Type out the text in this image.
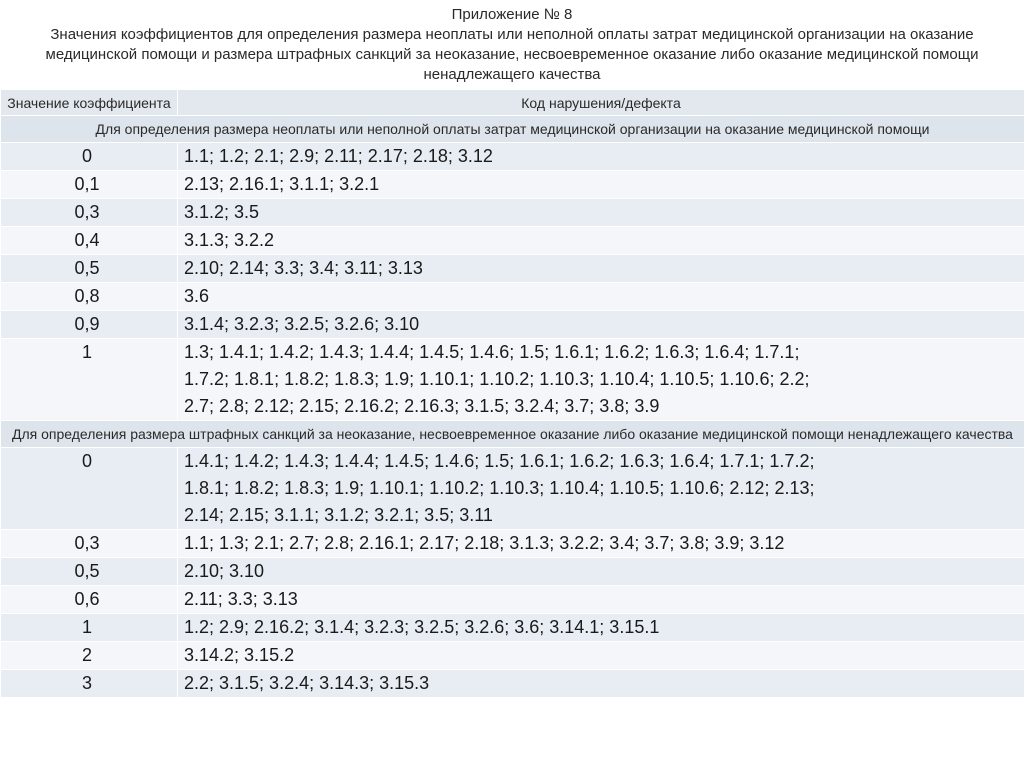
Приложение № 8
Значения коэффициентов для определения размера неоплаты или неполной оплаты затрат медицинской организации на оказание медицинской помощи и размера штрафных санкций за неоказание, несвоевременное оказание либо оказание медицинской помощи ненадлежащего качества
Значение коэффициента	Код нарушения/дефекта
Для определения размера неоплаты или неполной оплаты затрат медицинской организации на оказание медицинской помощи	
0	1.1; 1.2; 2.1; 2.9; 2.11; 2.17; 2.18; 3.12
0,1	2.13; 2.16.1; 3.1.1; 3.2.1
0,3	3.1.2; 3.5
0,4	3.1.3; 3.2.2
0,5	2.10; 2.14; 3.3; 3.4; 3.11; 3.13
0,8	3.6
0,9	3.1.4; 3.2.3; 3.2.5; 3.2.6; 3.10
1	1.3; 1.4.1; 1.4.2; 1.4.3; 1.4.4; 1.4.5; 1.4.6; 1.5; 1.6.1; 1.6.2; 1.6.3; 1.6.4; 1.7.1; 1.7.2; 1.8.1; 1.8.2; 1.8.3; 1.9; 1.10.1; 1.10.2; 1.10.3; 1.10.4; 1.10.5; 1.10.6; 2.2; 2.7; 2.8; 2.12; 2.15; 2.16.2; 2.16.3; 3.1.5; 3.2.4; 3.7; 3.8; 3.9
Для определения размера штрафных санкций за неоказание, несвоевременное оказание либо оказание медицинской помощи ненадлежащего качества	
0	1.4.1; 1.4.2; 1.4.3; 1.4.4; 1.4.5; 1.4.6; 1.5; 1.6.1; 1.6.2; 1.6.3; 1.6.4; 1.7.1; 1.7.2; 1.8.1; 1.8.2; 1.8.3; 1.9; 1.10.1; 1.10.2; 1.10.3; 1.10.4; 1.10.5; 1.10.6; 2.12; 2.13; 2.14; 2.15; 3.1.1; 3.1.2; 3.2.1; 3.5; 3.11
0,3	1.1; 1.3; 2.1; 2.7; 2.8; 2.16.1; 2.17; 2.18; 3.1.3; 3.2.2; 3.4; 3.7; 3.8; 3.9; 3.12
0,5	2.10; 3.10
0,6	2.11; 3.3; 3.13
1	1.2; 2.9; 2.16.2; 3.1.4; 3.2.3; 3.2.5; 3.2.6; 3.6; 3.14.1; 3.15.1
2	3.14.2; 3.15.2
3	2.2; 3.1.5; 3.2.4; 3.14.3; 3.15.3
